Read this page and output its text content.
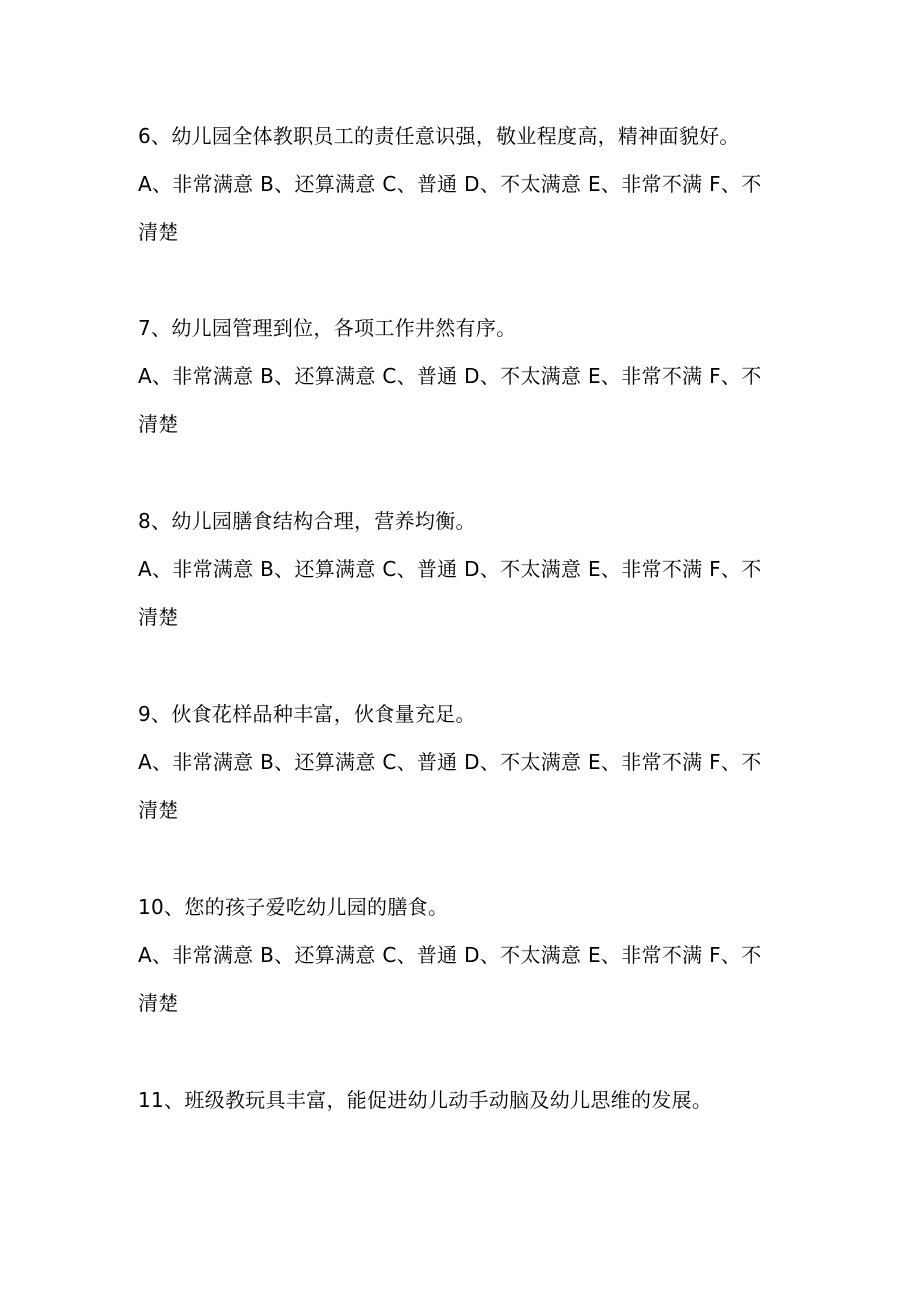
6、幼儿园全体教职员工的责任意识强，敬业程度高，精神面貌好。
A、非常满意 B、还算满意 C、普通 D、不太满意 E、非常不满 F、不
清楚
7、幼儿园管理到位，各项工作井然有序。
A、非常满意 B、还算满意 C、普通 D、不太满意 E、非常不满 F、不
清楚
8、幼儿园膳食结构合理，营养均衡。
A、非常满意 B、还算满意 C、普通 D、不太满意 E、非常不满 F、不
清楚
9、伙食花样品种丰富，伙食量充足。
A、非常满意 B、还算满意 C、普通 D、不太满意 E、非常不满 F、不
清楚
10、您的孩子爱吃幼儿园的膳食。
A、非常满意 B、还算满意 C、普通 D、不太满意 E、非常不满 F、不
清楚
11、班级教玩具丰富，能促进幼儿动手动脑及幼儿思维的发展。
